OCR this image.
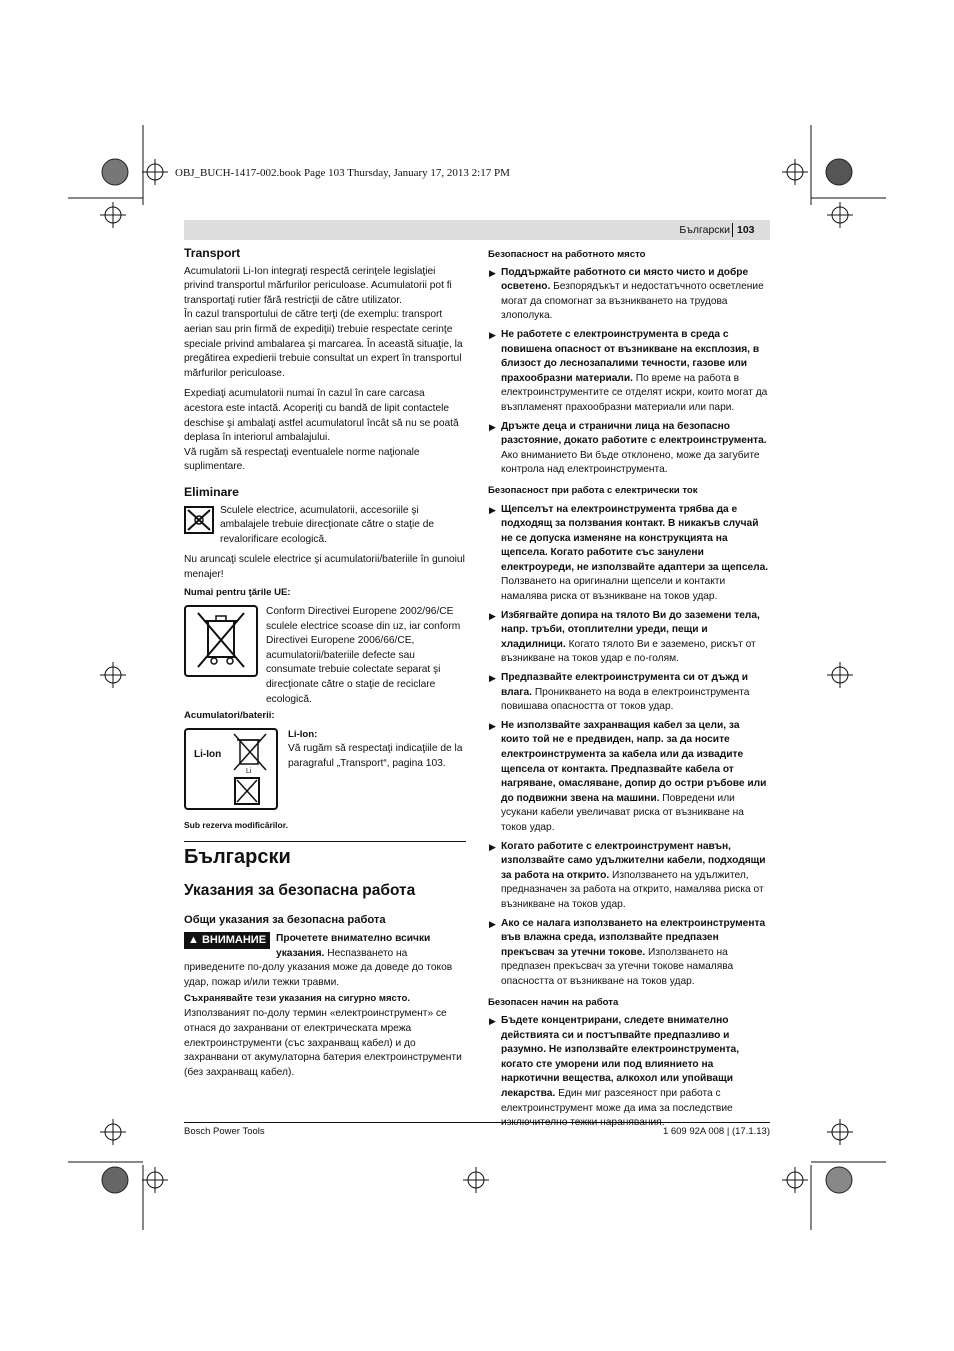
OBJ_BUCH-1417-002.book Page 103 Thursday, January 17, 2013 2:17 PM
Български 103
Transport

Acumulatorii Li-Ion integraţi respectă cerinţele legislaţiei privind transportul mărfurilor periculoase. Acumulatorii pot fi transportaţi rutier fără restricţii de către utilizator.

În cazul transportului de către terţi (de exemplu: transport aerian sau prin firmă de expediţii) trebuie respectate cerinţe speciale privind ambalarea şi marcarea. În această situaţie, la pregătirea expedierii trebuie consultat un expert în transportul mărfurilor periculoase.

Expediaţi acumulatorii numai în cazul în care carcasa acestora este intactă. Acoperiţi cu bandă de lipit contactele deschise şi ambalaţi astfel acumulatorul încât să nu se poată deplasa în interiorul ambalajului.

Vă rugăm să respectaţi eventualele norme naţionale suplimentare.

Eliminare

Sculele electrice, acumulatorii, accesoriile şi ambalajele trebuie direcţionate către o staţie de revalorificare ecologică.

Nu aruncaţi sculele electrice şi acumulatorii/bateriile în gunoiul menajer!

Numai pentru ţările UE:

Conform Directivei Europene 2002/96/CE sculele electrice scoase din uz, iar conform Directivei Europene 2006/66/CE, acumulatorii/bateriile defecte sau consumate trebuie colectate separat şi direcţionate către o staţie de reciclare ecologică.

Acumulatori/baterii:
Li-Ion
Li
Li-Ion:

Vă rugăm să respectaţi indicaţiile de la paragraful „Transport“, pagina 103.

Sub rezerva modificărilor.
Български
Указания за безопасна работа
Общи указания за безопасна работа
▲ ВНИМАНИЕ Прочетете внимателно всички указания. Неспазването на приведените по-долу указания може да доведе до токов удар, пожар и/или тежки травми.
Съхранявайте тези указания на сигурно място.

Използваният по-долу термин «електроинструмент» се отнася до захранвани от електрическата мрежа електроинструменти (със захранващ кабел) и до захранвани от акумулаторна батерия електроинструменти (без захранващ кабел).

Безопасност на работното място
▶ Поддържайте работното си място чисто и добре осветено. Безпорядъкът и недостатъчното осветление могат да спомогнат за възникването на трудова злополука.
▶ Не работете с електроинструмента в среда с повишена опасност от възникване на експлозия, в близост до леснозапалими течности, газове или прахообразни материали. По време на работа в електроинструментите се отделят искри, които могат да възпламенят прахообразни материали или пари.
▶ Дръжте деца и странични лица на безопасно разстояние, докато работите с електроинструмента. Ако вниманието Ви бъде отклонено, може да загубите контрола над електроинструмента.
Безопасност при работа с електрически ток
▶ Щепселът на електроинструмента трябва да е подходящ за ползвания контакт. В никакъв случай не се допуска изменяне на конструкцията на щепсела. Когато работите със занулени електроуреди, не използвайте адаптери за щепсела. Ползването на оригинални щепсели и контакти намалява риска от възникване на токов удар.
▶ Избягвайте допира на тялото Ви до заземени тела, напр. тръби, отоплителни уреди, пещи и хладилници. Когато тялото Ви е заземено, рискът от възникване на токов удар е по-голям.
▶ Предпазвайте електроинструмента си от дъжд и влага. Проникването на вода в електроинструмента повишава опасността от токов удар.
▶ Не използвайте захранващия кабел за цели, за които той не е предвиден, напр. за да носите електроинструмента за кабела или да извадите щепсела от контакта. Предпазвайте кабела от нагряване, омасляване, допир до остри ръбове или до подвижни звена на машини. Повредени или усукани кабели увеличават риска от възникване на токов удар.
▶ Когато работите с електроинструмент навън, използвайте само удължителни кабели, подходящи за работа на открито. Използването на удължител, предназначен за работа на открито, намалява риска от възникване на токов удар.
▶ Ако се налага използването на електроинструмента във влажна среда, използвайте предпазен прекъсвач за утечни токове. Използването на предпазен прекъсвач за утечни токове намалява опасността от възникване на токов удар.
Безопасен начин на работа
▶ Бъдете концентрирани, следете внимателно действията си и постъпвайте предпазливо и разумно. Не използвайте електроинструмента, когато сте уморени или под влиянието на наркотични вещества, алкохол или упойващи лекарства. Един миг разсеяност при работа с електроинструмент може да има за последствие
Bosch Power Tools	1 609 92A 008 | (17.1.13)
